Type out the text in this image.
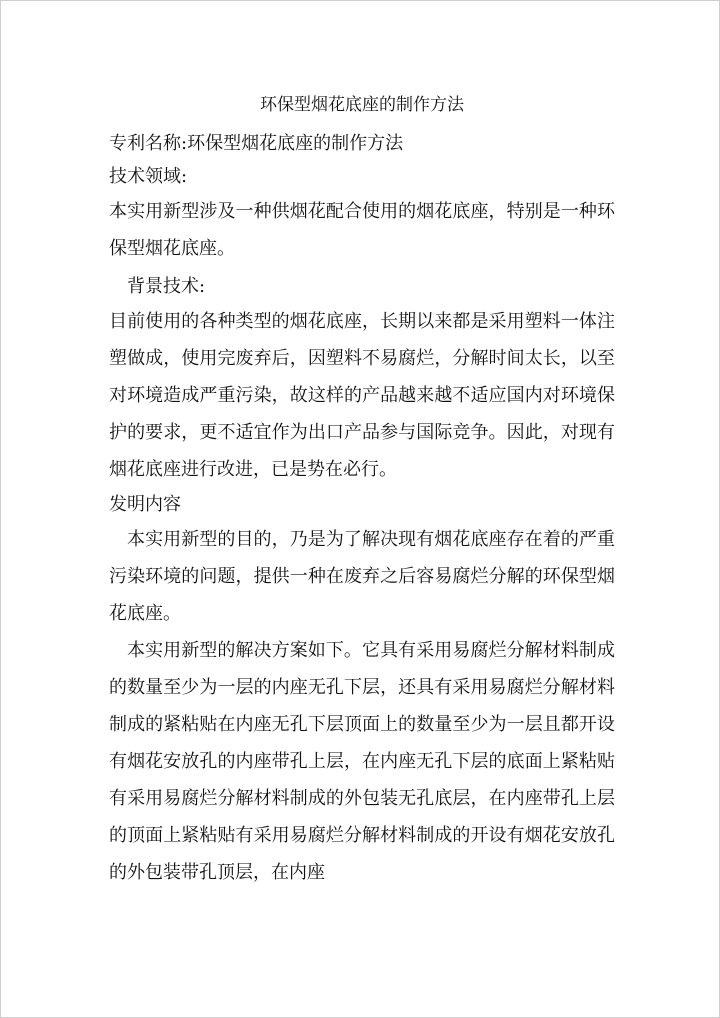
环保型烟花底座的制作方法

专利名称:环保型烟花底座的制作方法

技术领域:

本实用新型涉及一种供烟花配合使用的烟花底座，特别是一种环保型烟花底座。

背景技术:

目前使用的各种类型的烟花底座，长期以来都是采用塑料一体注塑做成，使用完废弃后，因塑料不易腐烂，分解时间太长，以至对环境造成严重污染，故这样的产品越来越不适应国内对环境保护的要求，更不适宜作为出口产品参与国际竞争。因此，对现有烟花底座进行改进，已是势在必行。

发明内容

本实用新型的目的，乃是为了解决现有烟花底座存在着的严重污染环境的问题，提供一种在废弃之后容易腐烂分解的环保型烟花底座。

本实用新型的解决方案如下。它具有采用易腐烂分解材料制成的数量至少为一层的内座无孔下层，还具有采用易腐烂分解材料制成的紧粘贴在内座无孔下层顶面上的数量至少为一层且都开设有烟花安放孔的内座带孔上层，在内座无孔下层的底面上紧粘贴有采用易腐烂分解材料制成的外包装无孔底层，在内座带孔上层的顶面上紧粘贴有采用易腐烂分解材料制成的开设有烟花安放孔的外包装带孔顶层，在内座
